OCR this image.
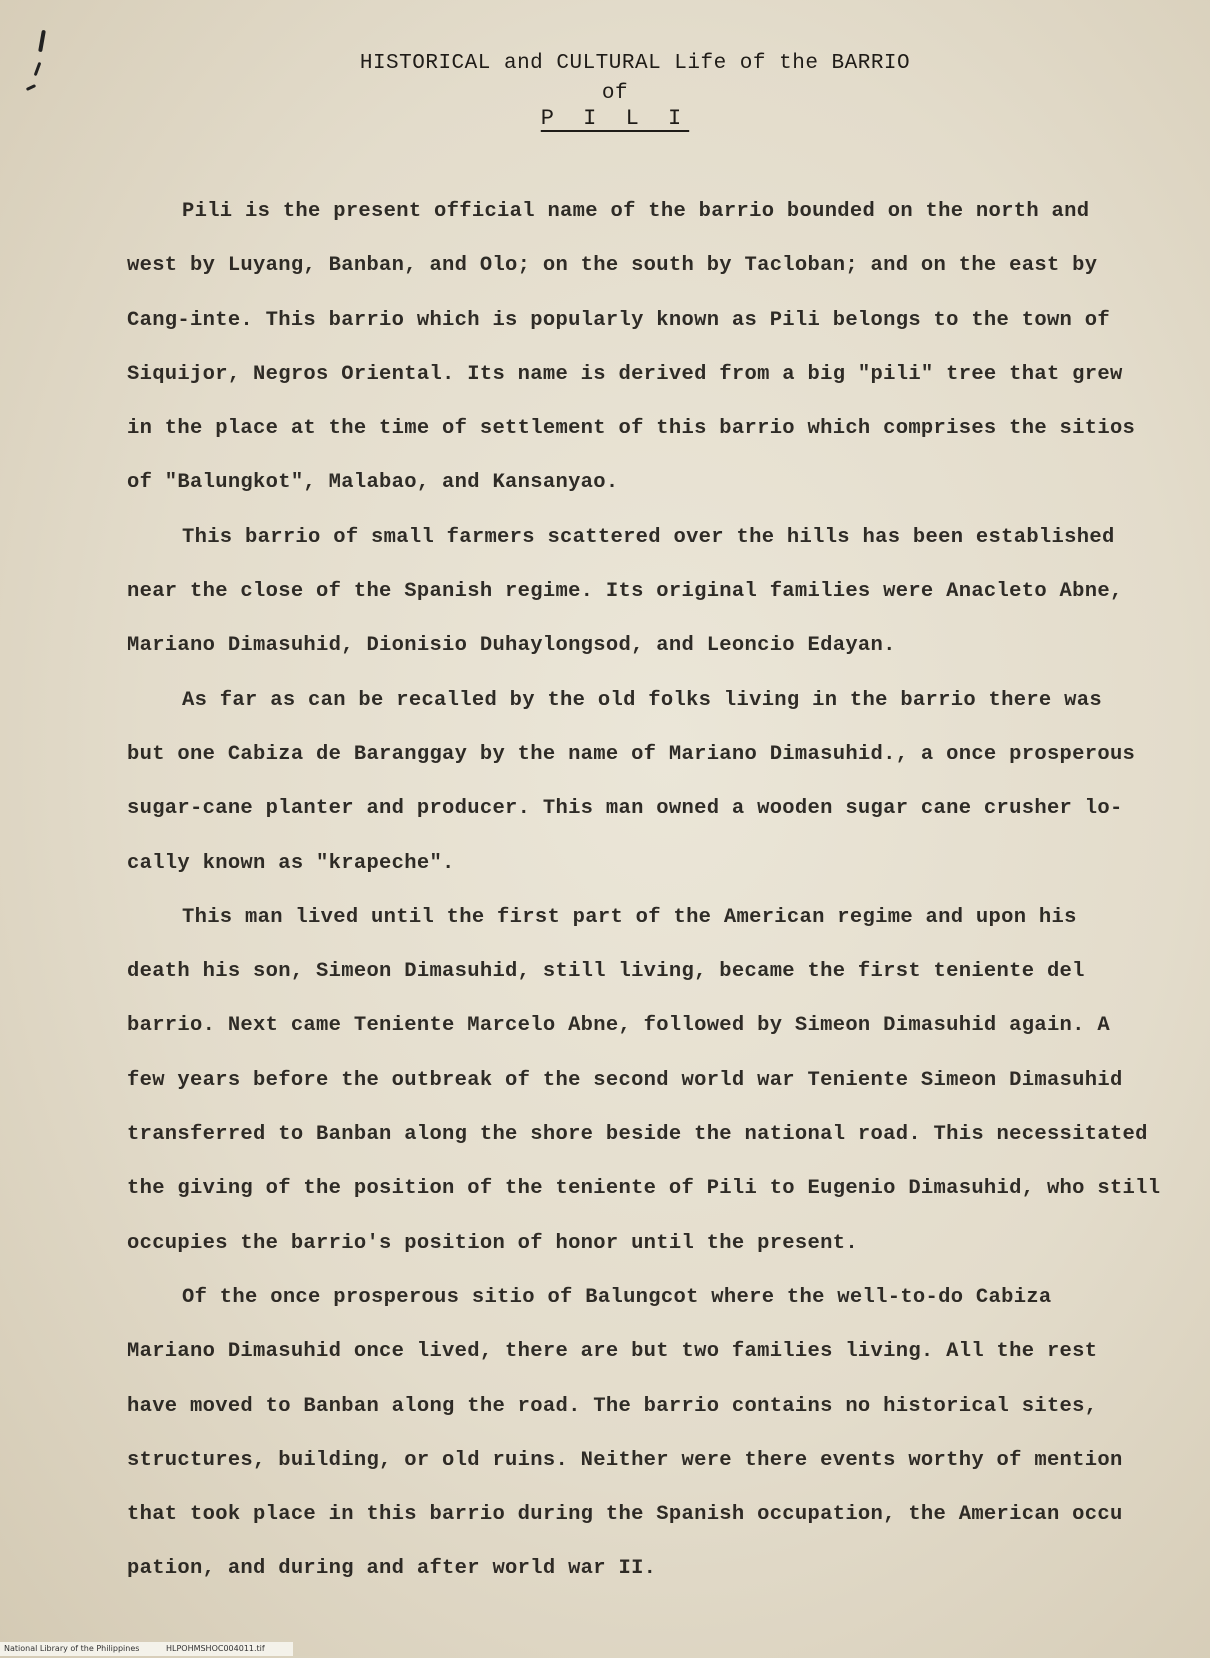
HISTORICAL and CULTURAL Life of the BARRIO
of
P I L I
Pili is the present official name of the barrio bounded on the north and
west by Luyang, Banban, and Olo; on the south by Tacloban; and on the east by
Cang-inte. This barrio which is popularly known as Pili belongs to the town of
Siquijor, Negros Oriental. Its name is derived from a big "pili" tree that grew
in the place at the time of settlement of this barrio which comprises the sitios
of "Balungkot", Malabao, and Kansanyao.
This barrio of small farmers scattered over the hills has been established
near the close of the Spanish regime. Its original families were Anacleto Abne,
Mariano Dimasuhid, Dionisio Duhaylongsod, and Leoncio Edayan.
As far as can be recalled by the old folks living in the barrio there was
but one Cabiza de Baranggay by the name of Mariano Dimasuhid., a once prosperous
sugar-cane planter and producer. This man owned a wooden sugar cane crusher lo-
cally known as "krapeche".
This man lived until the first part of the American regime and upon his
death his son, Simeon Dimasuhid, still living, became the first teniente del
barrio. Next came Teniente Marcelo Abne, followed by Simeon Dimasuhid again. A
few years before the outbreak of the second world war Teniente Simeon Dimasuhid
transferred to Banban along the shore beside the national road. This necessitated
the giving of the position of the teniente of Pili to Eugenio Dimasuhid, who still
occupies the barrio's position of honor until the present.
Of the once prosperous sitio of Balungcot where the well-to-do Cabiza
Mariano Dimasuhid once lived, there are but two families living. All the rest
have moved to Banban along the road. The barrio contains no historical sites,
structures, building, or old ruins. Neither were there events worthy of mention
that took place in this barrio during the Spanish occupation, the American occu
pation, and during and after world war II.
National Library of the Philippines	HLPOHMSHOC004011.tif
